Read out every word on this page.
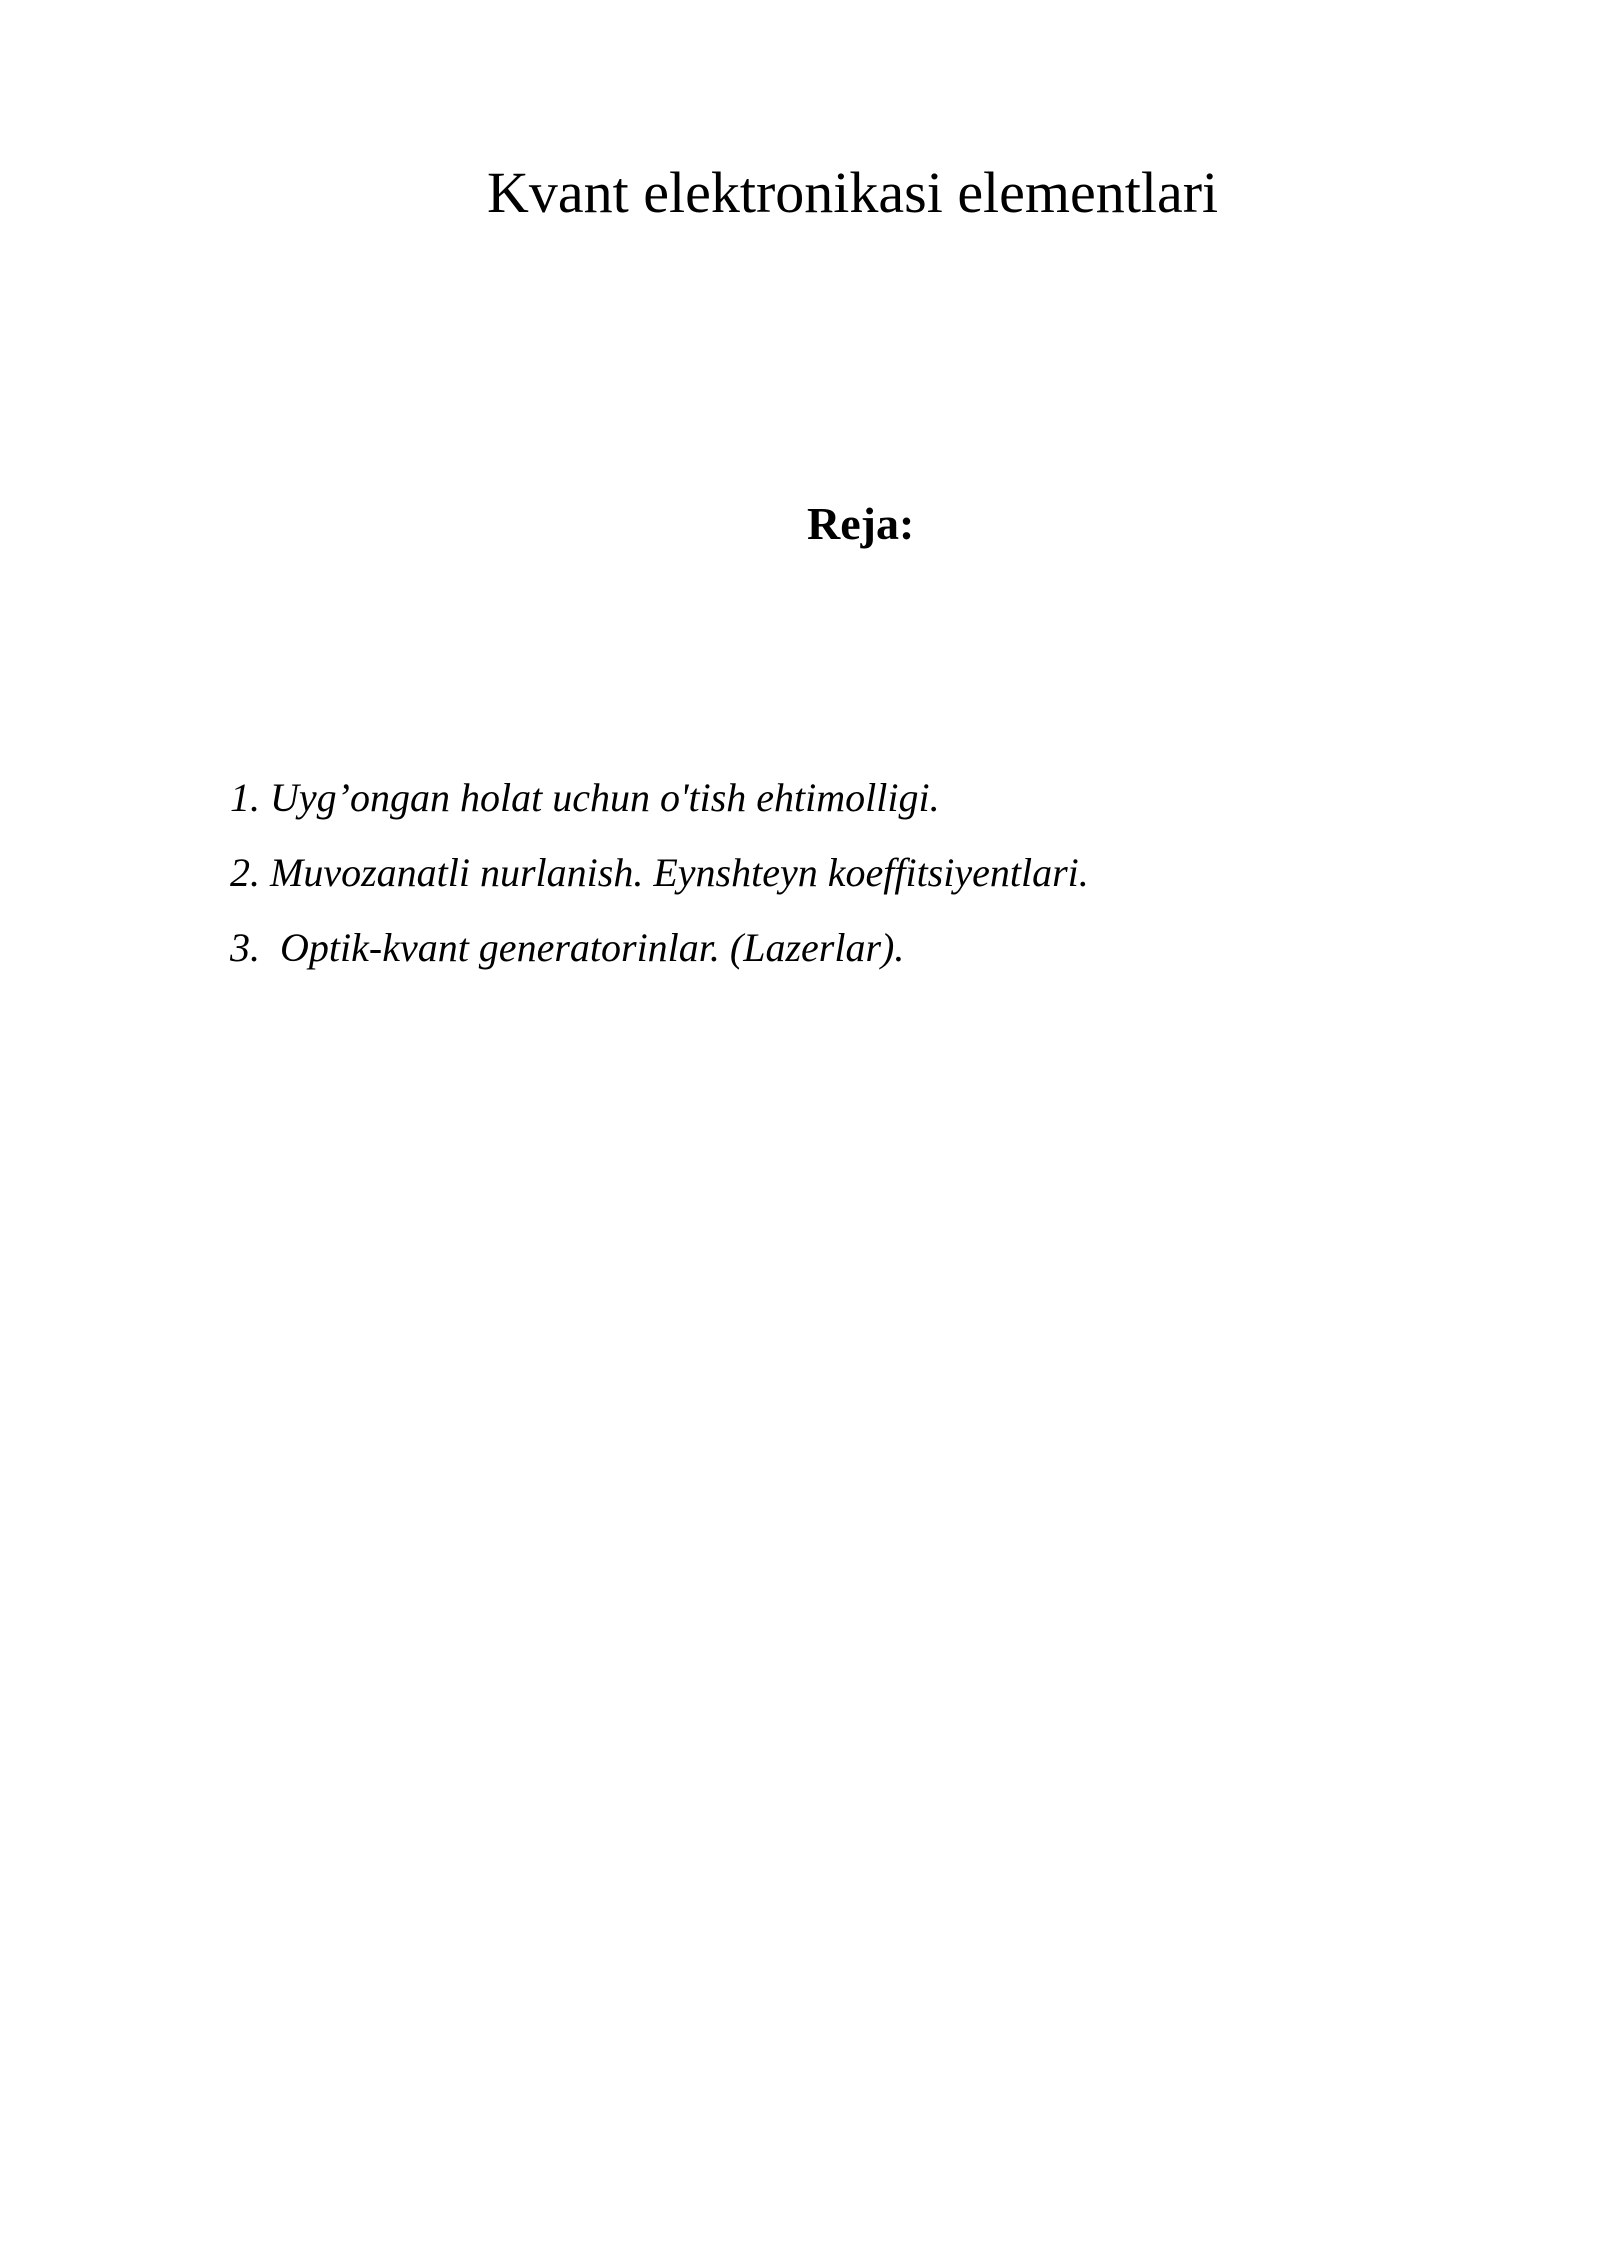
Kvant elektronikasi elementlari
Reja:
1. Uyg’ongan holat uchun o'tish ehtimolligi.
2. Muvozanatli nurlanish. Eynshteyn koeffitsiyentlari.
3.  Optik-kvant generatorinlar. (Lazerlar).
